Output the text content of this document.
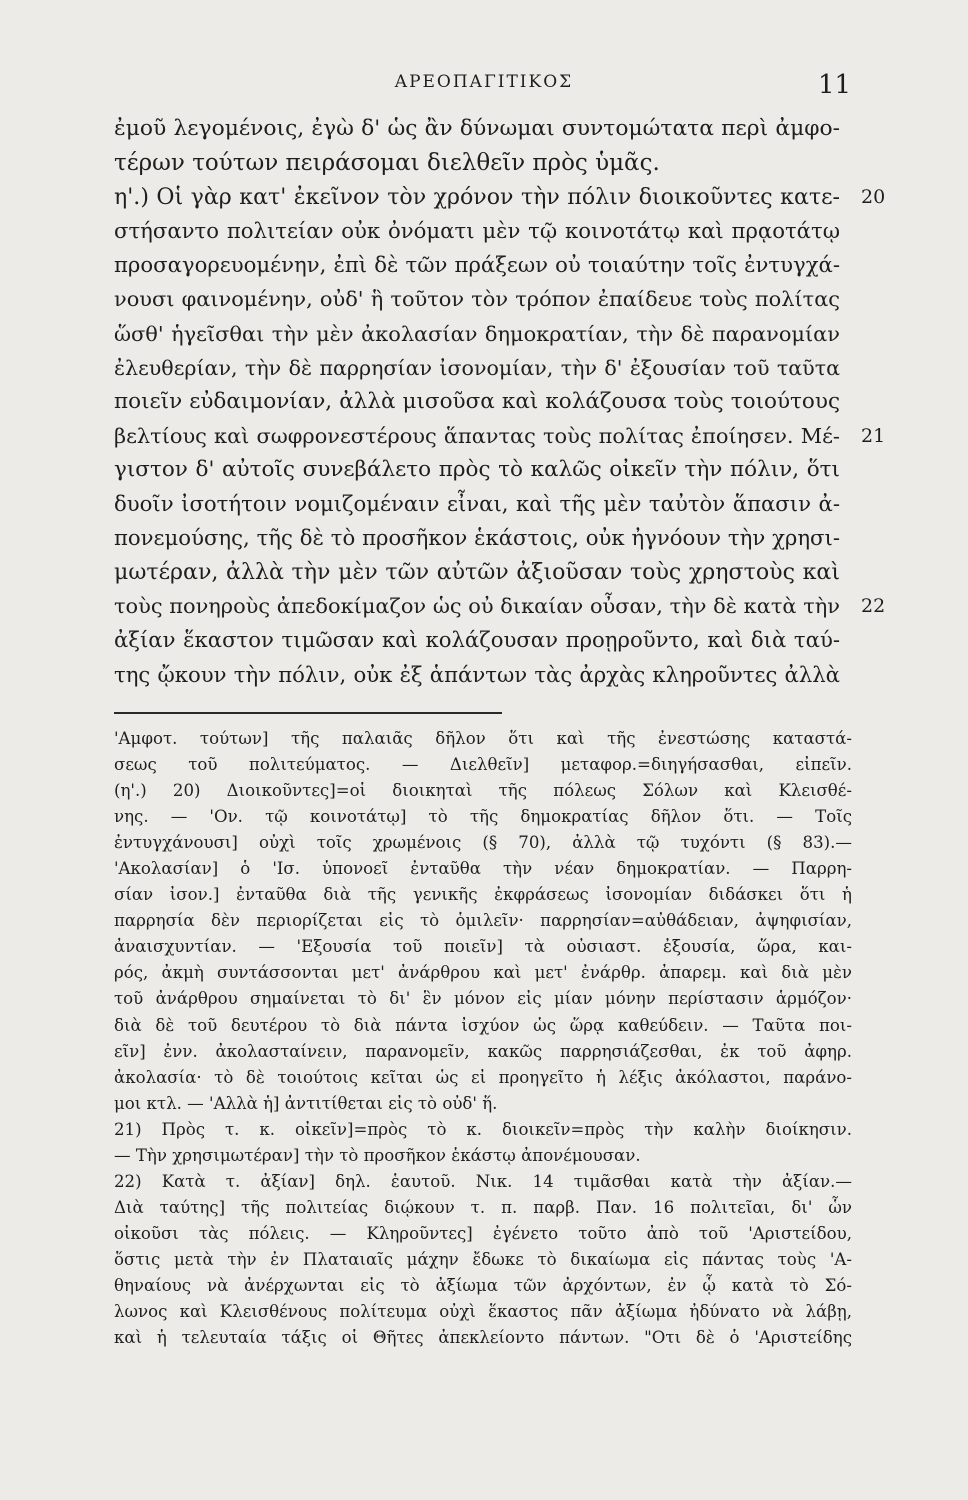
ΑΡΕΟΠΑΓΙΤΙΚΟΣ	11
ἐμοῦ λεγομένοις, ἐγὼ δ' ὡς ἂν δύνωμαι συντομώτατα περὶ ἀμφο-
τέρων τούτων πειράσομαι διελθεῖν πρὸς ὑμᾶς.
η'.) Οἱ γὰρ κατ' ἐκεῖνον τὸν χρόνον τὴν πόλιν διοικοῦντες κατε- 20
στήσαντο πολιτείαν οὐκ ὀνόματι μὲν τῷ κοινοτάτῳ καὶ πρᾳοτάτῳ
προσαγορευομένην, ἐπὶ δὲ τῶν πράξεων οὐ τοιαύτην τοῖς ἐντυγχά-
νουσι φαινομένην, οὐδ' ἣ τοῦτον τὸν τρόπον ἐπαίδευε τοὺς πολίτας
ὥσθ' ἡγεῖσθαι τὴν μὲν ἀκολασίαν δημοκρατίαν, τὴν δὲ παρανομίαν
ἐλευθερίαν, τὴν δὲ παρρησίαν ἰσονομίαν, τὴν δ' ἐξουσίαν τοῦ ταῦτα
ποιεῖν εὐδαιμονίαν, ἀλλὰ μισοῦσα καὶ κολάζουσα τοὺς τοιούτους
βελτίους καὶ σωφρονεστέρους ἅπαντας τοὺς πολίτας ἐποίησεν. Μέ- 21
γιστον δ' αὐτοῖς συνεβάλετο πρὸς τὸ καλῶς οἰκεῖν τὴν πόλιν, ὅτι
δυοῖν ἰσοτήτοιν νομιζομέναιν εἶναι, καὶ τῆς μὲν ταὐτὸν ἅπασιν ἀ-
πονεμούσης, τῆς δὲ τὸ προσῆκον ἑκάστοις, οὐκ ἠγνόουν τὴν χρησι-
μωτέραν, ἀλλὰ τὴν μὲν τῶν αὐτῶν ἀξιοῦσαν τοὺς χρηστοὺς καὶ
τοὺς πονηροὺς ἀπεδοκίμαζον ὡς οὐ δικαίαν οὖσαν, τὴν δὲ κατὰ τὴν 22
ἀξίαν ἕκαστον τιμῶσαν καὶ κολάζουσαν προῃροῦντο, καὶ διὰ ταύ-
της ᾤκουν τὴν πόλιν, οὐκ ἐξ ἁπάντων τὰς ἀρχὰς κληροῦντες ἀλλὰ
'Αμφοτ. τούτων] τῆς παλαιᾶς δῆλον ὅτι καὶ τῆς ἐνεστώσης καταστά-
σεως τοῦ πολιτεύματος. — Διελθεῖν] μεταφορ.=διηγήσασθαι, εἰπεῖν.
(η'.) 20) Διοικοῦντες]=οἱ διοικηταὶ τῆς πόλεως Σόλων καὶ Κλεισθέ-
νης. — 'Ον. τῷ κοινοτάτῳ] τὸ τῆς δημοκρατίας δῆλον ὅτι. — Τοῖς
ἐντυγχάνουσι] οὐχὶ τοῖς χρωμένοις (§ 70), ἀλλὰ τῷ τυχόντι (§ 83).—
'Ακολασίαν] ὁ 'Ισ. ὑπονοεῖ ἐνταῦθα τὴν νέαν δημοκρατίαν. — Παρρη-
σίαν ἰσον.] ἐνταῦθα διὰ τῆς γενικῆς ἐκφράσεως ἰσονομίαν διδάσκει ὅτι ἡ
παρρησία δὲν περιορίζεται εἰς τὸ ὁμιλεῖν· παρρησίαν=αὐθάδειαν, ἀψηφισίαν,
ἀναισχυντίαν. — 'Εξουσία τοῦ ποιεῖν] τὰ οὐσιαστ. ἐξουσία, ὥρα, και-
ρός, ἀκμὴ συντάσσονται μετ' ἀνάρθρου καὶ μετ' ἐνάρθρ. ἀπαρεμ. καὶ διὰ μὲν
τοῦ ἀνάρθρου σημαίνεται τὸ δι' ἓν μόνον εἰς μίαν μόνην περίστασιν ἁρμόζον·
διὰ δὲ τοῦ δευτέρου τὸ διὰ πάντα ἰσχύον ὡς ὥρᾳ καθεύδειν. — Ταῦτα ποι-
εῖν] ἐνν. ἀκολασταίνειν, παρανομεῖν, κακῶς παρρησιάζεσθαι, ἐκ τοῦ ἀφηρ.
ἀκολασία· τὸ δὲ τοιούτοις κεῖται ὡς εἰ προηγεῖτο ἡ λέξις ἀκόλαστοι, παράνο-
μοι κτλ. — 'Αλλὰ ἡ] ἀντιτίθεται εἰς τὸ οὐδ' ἥ.
21) Πρὸς τ. κ. οἰκεῖν]=πρὸς τὸ κ. διοικεῖν=πρὸς τὴν καλὴν διοίκησιν.
— Τὴν χρησιμωτέραν] τὴν τὸ προσῆκον ἑκάστῳ ἀπονέμουσαν.
22) Κατὰ τ. ἀξίαν] δηλ. ἑαυτοῦ. Νικ. 14 τιμᾶσθαι κατὰ τὴν ἀξίαν.—
Διὰ ταύτης] τῆς πολιτείας διῴκουν τ. π. παρβ. Παν. 16 πολιτεῖαι, δι' ὧν
οἰκοῦσι τὰς πόλεις. — Κληροῦντες] ἐγένετο τοῦτο ἀπὸ τοῦ 'Αριστείδου,
ὅστις μετὰ τὴν ἐν Πλαταιαῖς μάχην ἔδωκε τὸ δικαίωμα εἰς πάντας τοὺς 'Α-
θηναίους νὰ ἀνέρχωνται εἰς τὸ ἀξίωμα τῶν ἀρχόντων, ἐν ᾧ κατὰ τὸ Σό-
λωνος καὶ Κλεισθένους πολίτευμα οὐχὶ ἕκαστος πᾶν ἀξίωμα ἠδύνατο νὰ λάβῃ,
καὶ ἡ τελευταία τάξις οἱ Θῆτες ἀπεκλείοντο πάντων. "Οτι δὲ ὁ 'Αριστείδης
